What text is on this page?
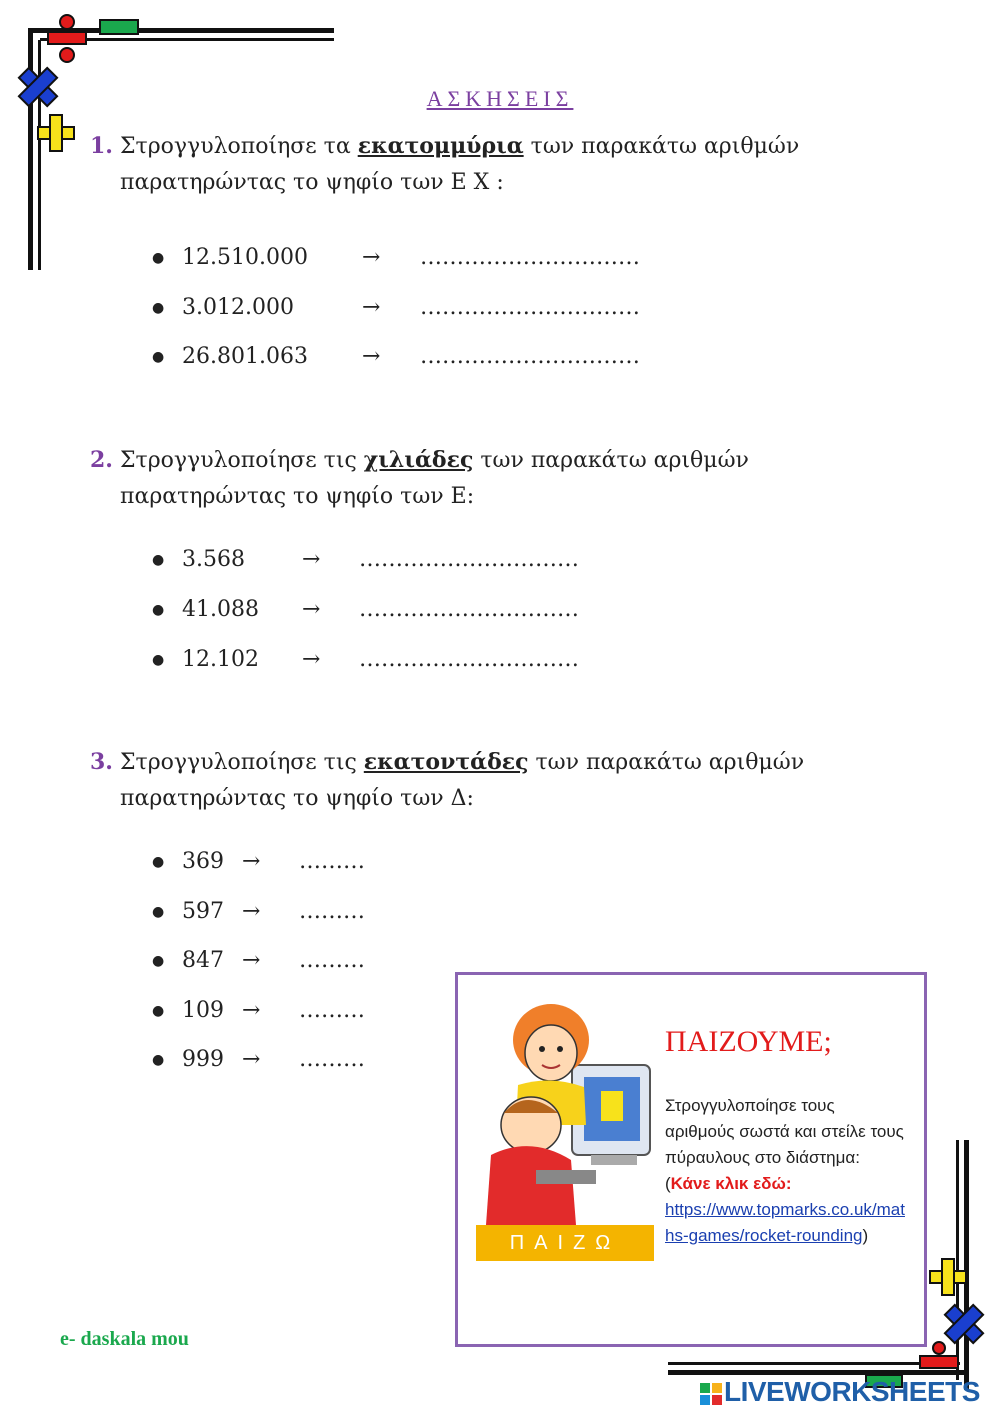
ΑΣΚΗΣΕΙΣ
1. Στρογγυλοποίησε τα εκατομμύρια των παρακάτω αριθμών
παρατηρώντας το ψηφίο των Ε Χ :
● 12.510.000 → …………………………
● 3.012.000	→ …………………………
● 26.801.063 → …………………………
2. Στρογγυλοποίησε τις χιλιάδες των παρακάτω αριθμών
παρατηρώντας το ψηφίο των Ε:
● 3.568	→ …………………………
● 41.088 → …………………………
● 12.102 → …………………………
3. Στρογγυλοποίησε τις εκατοντάδες των παρακάτω αριθμών
παρατηρώντας το ψηφίο των Δ:
● 369 → ………
● 597 → ………
● 847 → ………
● 109 → ………
● 999 → ………
ΠΑΙΖΩ
ΠΑΙΖΟΥΜΕ;
Στρογγυλοποίησε τους αριθμούς σωστά και στείλε τους πύραυλους στο διάστημα:
(Κάνε κλικ εδώ:
https://www.topmarks.co.uk/maths-games/rocket-rounding)
e- daskala mou
LIVEWORKSHEETS
